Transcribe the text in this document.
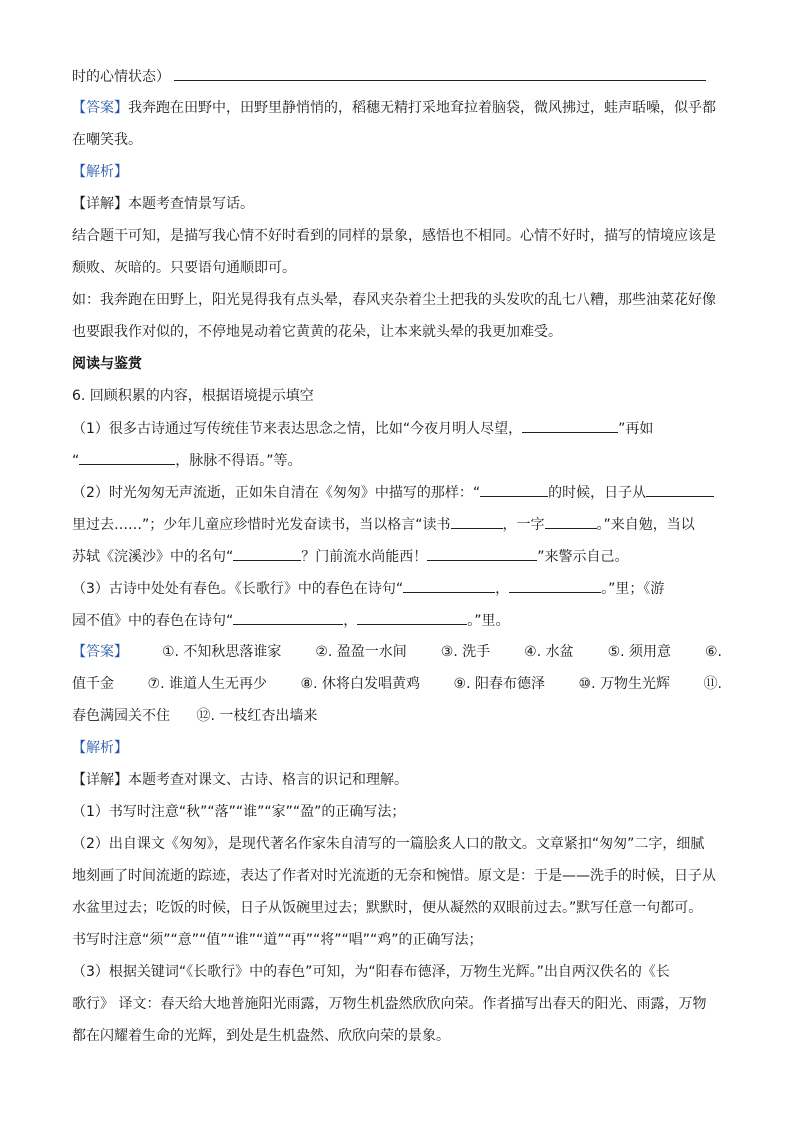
时的心情状态）
【答案】我奔跑在田野中，田野里静悄悄的，稻穗无精打采地耷拉着脑袋，微风拂过，蛙声聒噪，似乎都
在嘲笑我。
【解析】
【详解】本题考查情景写话。
结合题干可知，是描写我心情不好时看到的同样的景象，感悟也不相同。心情不好时，描写的情境应该是
颓败、灰暗的。只要语句通顺即可。
如：我奔跑在田野上，阳光晃得我有点头晕，春风夹杂着尘土把我的头发吹的乱七八糟，那些油菜花好像
也要跟我作对似的，不停地晃动着它黄黄的花朵，让本来就头晕的我更加难受。
阅读与鉴赏
6. 回顾积累的内容，根据语境提示填空
（1）很多古诗通过写传统佳节来表达思念之情，比如“今夜月明人尽望，	”再如
“	，脉脉不得语。”等。
（2）时光匆匆无声流逝，正如朱自清在《匆匆》中描写的那样：“	的时候，日子从
里过去……”；少年儿童应珍惜时光发奋读书，当以格言“读书	，一字	。”来自勉，当以
苏轼《浣溪沙》中的名句“	？门前流水尚能西！	”来警示自己。
（3）古诗中处处有春色。《长歌行》中的春色在诗句“	，	。”里；《游
园不值》中的春色在诗句“	，	。”里。
【答案】 ①. 不知秋思落谁家 ②. 盈盈一水间 ③. 洗手 ④. 水盆 ⑤. 须用意 ⑥.
值千金 ⑦. 谁道人生无再少 ⑧. 休将白发唱黄鸡 ⑨. 阳春布德泽 ⑩. 万物生光辉 ⑪.
春色满园关不住 ⑫. 一枝红杏出墙来
【解析】
【详解】本题考查对课文、古诗、格言的识记和理解。
（1）书写时注意“秋”“落”“谁”“家”“盈”的正确写法；
（2）出自课文《匆匆》，是现代著名作家朱自清写的一篇脍炙人口的散文。文章紧扣“匆匆”二字，细腻
地刻画了时间流逝的踪迹，表达了作者对时光流逝的无奈和惋惜。原文是：于是——洗手的时候，日子从
水盆里过去；吃饭的时候，日子从饭碗里过去；默默时，便从凝然的双眼前过去。”默写任意一句都可。
书写时注意“须”“意”“值”“谁”“道”“再”“将”“唱”“鸡”的正确写法；
（3）根据关键词“《长歌行》中的春色”可知，为“阳春布德泽，万物生光辉。”出自两汉佚名的《长
歌行》 译文：春天给大地普施阳光雨露，万物生机盎然欣欣向荣。作者描写出春天的阳光、雨露，万物
都在闪耀着生命的光辉，到处是生机盎然、欣欣向荣的景象。
